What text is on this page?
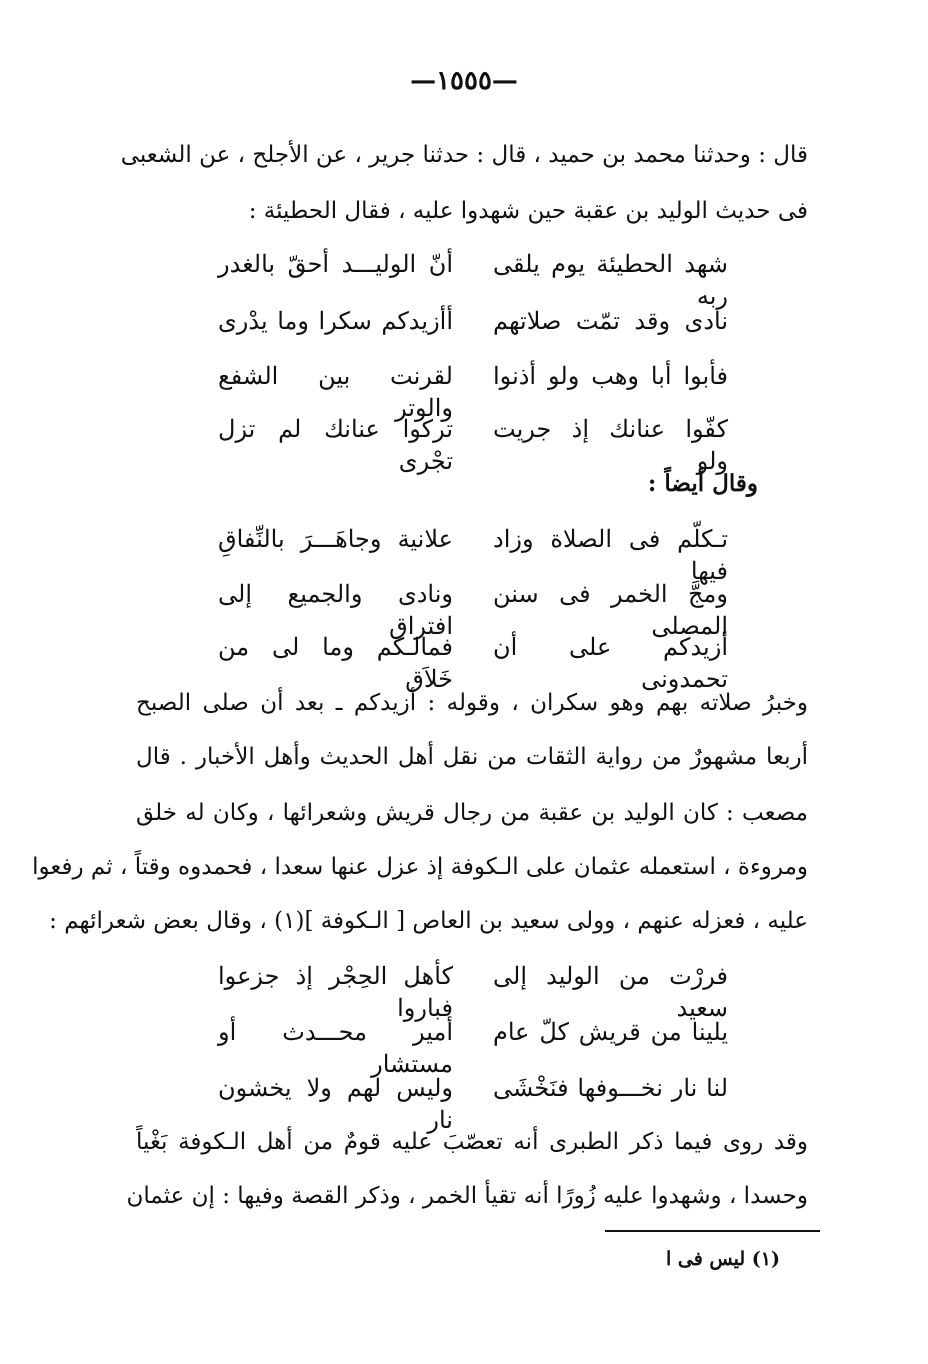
—١٥٥٥—
قال : وحدثنا محمد بن حميد ، قال : حدثنا جرير ، عن الأجلح ، عن الشعبى
فى حديث الوليد بن عقبة حين شهدوا عليه ، فقال الحطيئة :
شهد الحطيئة يوم يلقى ربه
أنّ الوليـــد أحقّ بالغدر
نادى وقد تمّت صلاتهم
أأزيدكم سكرا وما يدْرى
فأبوا أبا وهب ولو أذنوا
لقرنت بين الشفع والوتر
كفّوا عنانك إذ جريت ولو
تركوا عنانك لم تزل تجْرى
وقال أيضاً :
تـكلّم فى الصلاة وزاد فيها
علانية وجاهَـــرَ بالنِّفاقِ
ومجَّ الخمر فى سنن المصلى
ونادى والجميع إلى افتراق
أزيدكم على أن تحمدونى
فمالـكم وما لى من خَلاَق
وخبرُ صلاته بهم وهو سكران ، وقوله : أزيدكم ـ بعد أن صلى الصبح
أربعا مشهورٌ من رواية الثقات من نقل أهل الحديث وأهل الأخبار . قال
مصعب : كان الوليد بن عقبة من رجال قريش وشعرائها ، وكان له خلق
ومروءة ، استعمله عثمان على الـكوفة إذ عزل عنها سعدا ، فحمدوه وقتاً ، ثم رفعوا
عليه ، فعزله عنهم ، وولى سعيد بن العاص [ الـكوفة ](١) ، وقال بعض شعرائهم :
فررْت من الوليد إلى سعيد
كأهل الحِجْر إذ جزعوا فباروا
يلينا من قريش كلّ عام
أمير محـــدث أو مستشار
لنا نار نخـــوفها فنَخْشَى
وليس لهم ولا يخشون نار
وقد روى فيما ذكر الطبرى أنه تعصّبَ عليه قومٌ من أهل الـكوفة بَغْياً
وحسدا ، وشهدوا عليه زُورًا أنه تقيأ الخمر ، وذكر القصة وفيها : إن عثمان
(١) ليس فى ا
